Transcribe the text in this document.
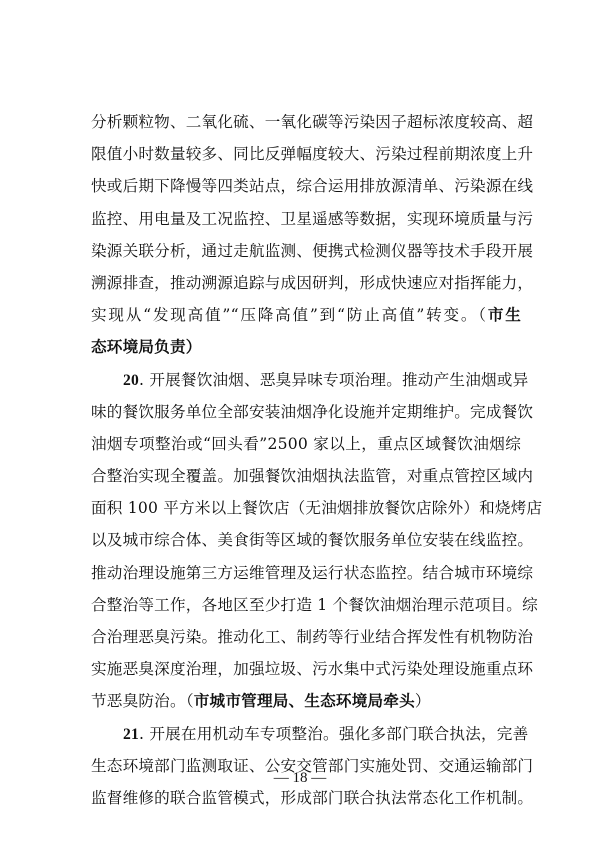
分析颗粒物、二氧化硫、一氧化碳等污染因子超标浓度较高、超
限值小时数量较多、同比反弹幅度较大、污染过程前期浓度上升
快或后期下降慢等四类站点，综合运用排放源清单、污染源在线
监控、用电量及工况监控、卫星遥感等数据，实现环境质量与污
染源关联分析，通过走航监测、便携式检测仪器等技术手段开展
溯源排查，推动溯源追踪与成因研判，形成快速应对指挥能力，
实现从“发现高值”“压降高值”到“防止高值”转变。（市生
态环境局负责）
20. 开展餐饮油烟、恶臭异味专项治理。推动产生油烟或异
味的餐饮服务单位全部安装油烟净化设施并定期维护。完成餐饮
油烟专项整治或“回头看”2500 家以上，重点区域餐饮油烟综
合整治实现全覆盖。加强餐饮油烟执法监管，对重点管控区域内
面积 100 平方米以上餐饮店（无油烟排放餐饮店除外）和烧烤店
以及城市综合体、美食街等区域的餐饮服务单位安装在线监控。
推动治理设施第三方运维管理及运行状态监控。结合城市环境综
合整治等工作，各地区至少打造 1 个餐饮油烟治理示范项目。综
合治理恶臭污染。推动化工、制药等行业结合挥发性有机物防治
实施恶臭深度治理，加强垃圾、污水集中式污染处理设施重点环
节恶臭防治。（市城市管理局、生态环境局牵头）
21. 开展在用机动车专项整治。强化多部门联合执法，完善
生态环境部门监测取证、公安交管部门实施处罚、交通运输部门
监督维修的联合监管模式，形成部门联合执法常态化工作机制。
— 18 —
